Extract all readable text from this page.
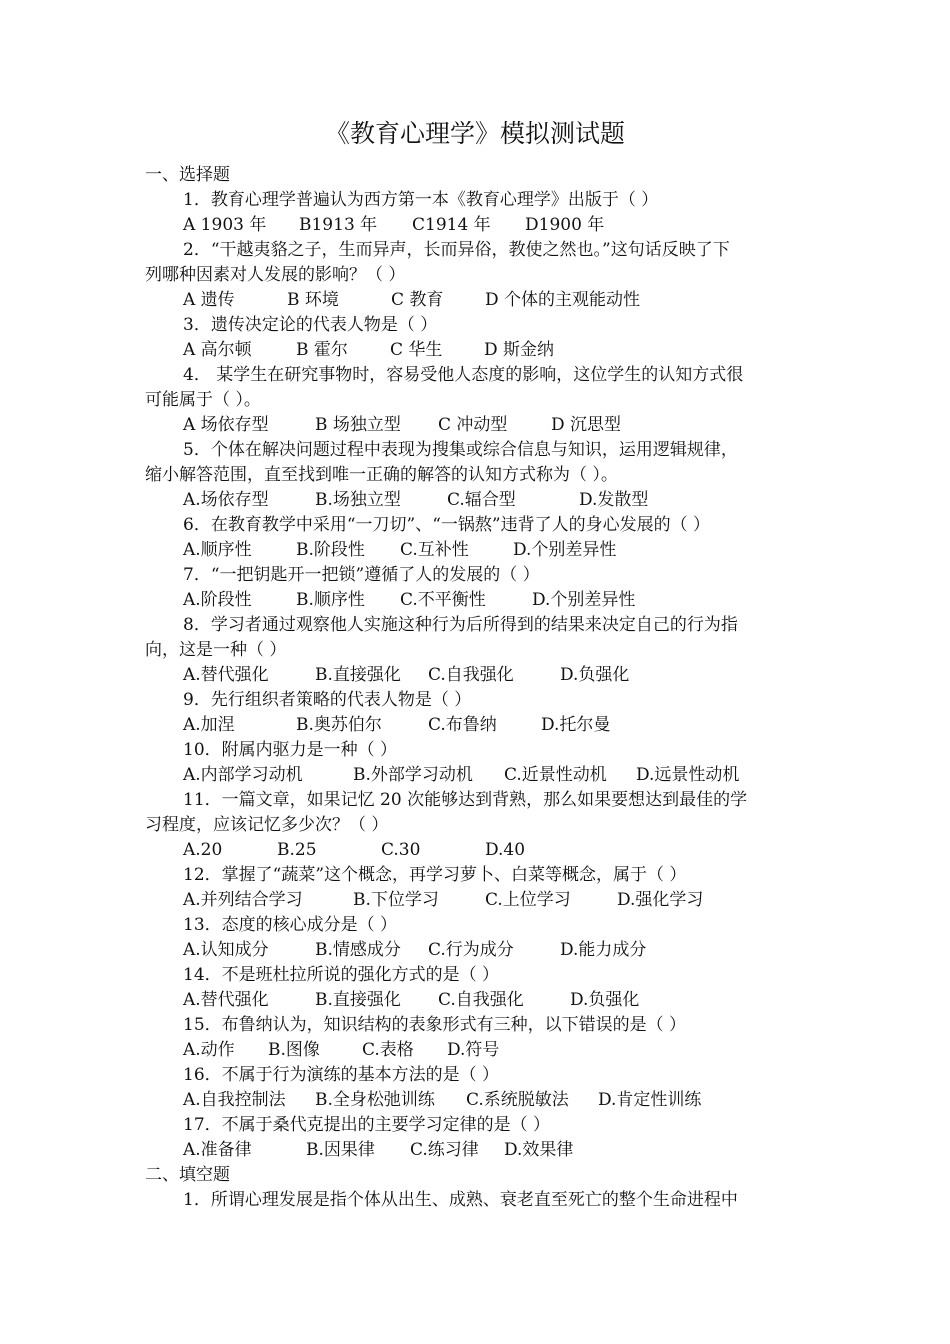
《教育心理学》模拟测试题
一、选择题
1．教育心理学普遍认为西方第一本《教育心理学》出版于（ ）
A 1903 年 B1913 年 C1914 年 D1900 年
2．“干越夷貉之子，生而异声，长而异俗，教使之然也。”这句话反映了下
列哪种因素对人发展的影响？（ ）
A 遗传	B 环境	C 教育 D 个体的主观能动性
3．遗传决定论的代表人物是（ ）
A 高尔顿	B 霍尔 C 华生 D 斯金纳
4． 某学生在研究事物时，容易受他人态度的影响，这位学生的认知方式很
可能属于（ ）。
A 场依存型	B 场独立型 C 冲动型	D 沉思型
5．个体在解决问题过程中表现为搜集或综合信息与知识，运用逻辑规律，
缩小解答范围，直至找到唯一正确的解答的认知方式称为（ ）。
A.场依存型	B.场独立型	C.辐合型	D.发散型
6．在教育教学中采用“一刀切”、“一锅熬”违背了人的身心发展的（ ）
A.顺序性	B.阶段性 C.互补性	D.个别差异性
7．“一把钥匙开一把锁”遵循了人的发展的（ ）
A.阶段性	B.顺序性 C.不平衡性	D.个别差异性
8．学习者通过观察他人实施这种行为后所得到的结果来决定自己的行为指
向，这是一种（ ）
A.替代强化	B.直接强化 C.自我强化	D.负强化
9．先行组织者策略的代表人物是（ ）
A.加涅	B.奥苏伯尔	C.布鲁纳	D.托尔曼
10．附属内驱力是一种（ ）
A.内部学习动机	B.外部学习动机 C.近景性动机 D.远景性动机
11．一篇文章，如果记忆 20 次能够达到背熟，那么如果要想达到最佳的学
习程度，应该记忆多少次？（ ）
A.20	B.25	C.30	D.40
12．掌握了“蔬菜”这个概念，再学习萝卜、白菜等概念，属于（ ）
A.并列结合学习	B.下位学习	C.上位学习	D.强化学习
13．态度的核心成分是（ ）
A.认知成分	B.情感成分 C.行为成分	D.能力成分
14．不是班杜拉所说的强化方式的是（ ）
A.替代强化	B.直接强化 C.自我强化	D.负强化
15．布鲁纳认为，知识结构的表象形式有三种，以下错误的是（ ）
A.动作 B.图像 C.表格 D.符号
16．不属于行为演练的基本方法的是（ ）
A.自我控制法 B.全身松弛训练 C.系统脱敏法 D.肯定性训练
17．不属于桑代克提出的主要学习定律的是（ ）
A.准备律	B.因果律 C.练习律 D.效果律
二、填空题
1．所谓心理发展是指个体从出生、成熟、衰老直至死亡的整个生命进程中
